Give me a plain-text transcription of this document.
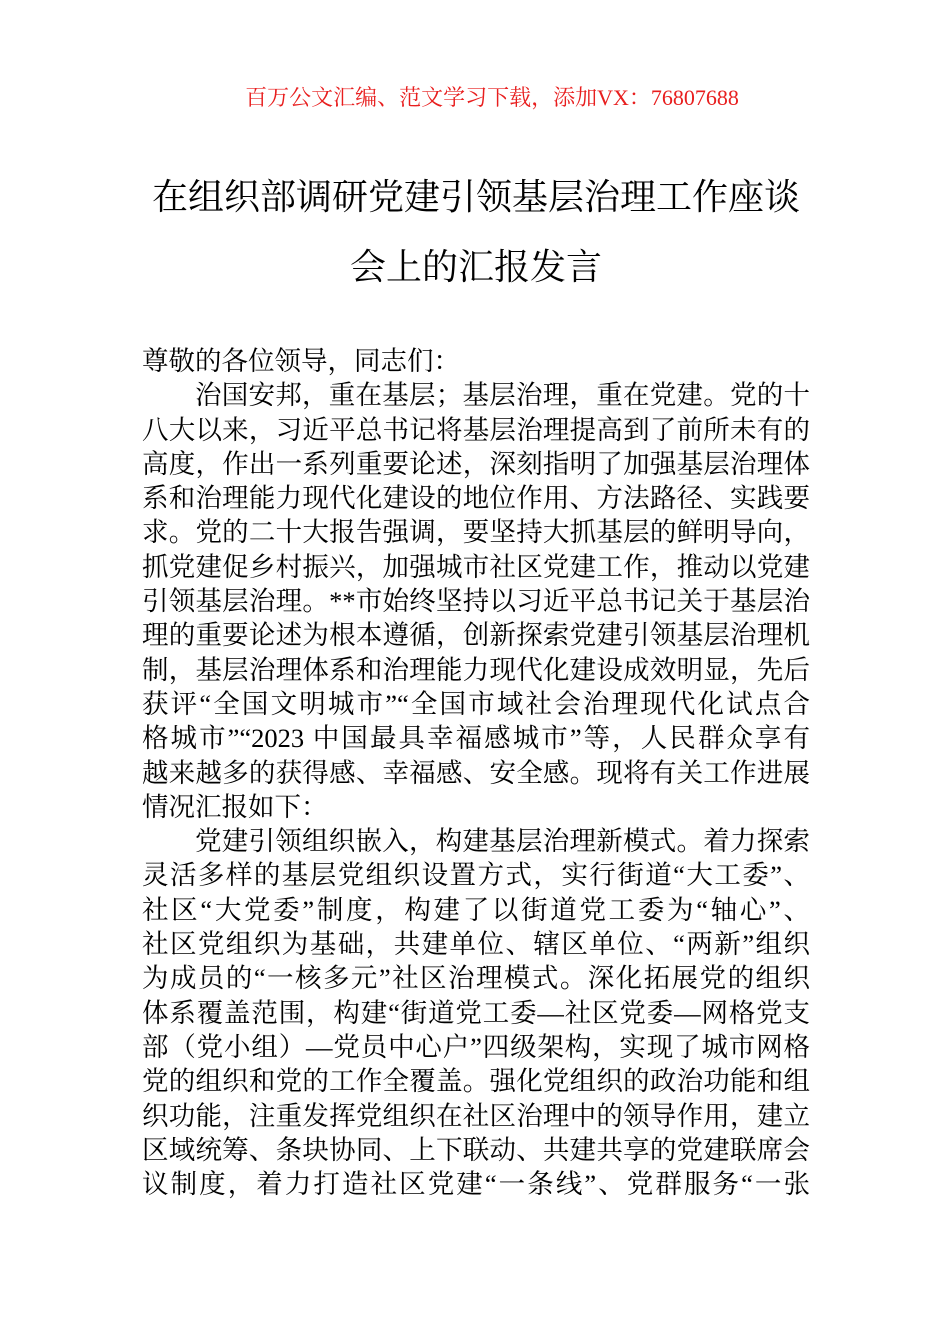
百万公文汇编、范文学习下载，添加VX：76807688
在组织部调研党建引领基层治理工作座谈
会上的汇报发言
尊敬的各位领导，同志们：
治国安邦，重在基层；基层治理，重在党建。党的十
八大以来，习近平总书记将基层治理提高到了前所未有的
高度，作出一系列重要论述，深刻指明了加强基层治理体
系和治理能力现代化建设的地位作用、方法路径、实践要
求。党的二十大报告强调，要坚持大抓基层的鲜明导向，
抓党建促乡村振兴，加强城市社区党建工作，推动以党建
引领基层治理。**市始终坚持以习近平总书记关于基层治
理的重要论述为根本遵循，创新探索党建引领基层治理机
制，基层治理体系和治理能力现代化建设成效明显，先后
获评“全国文明城市”“全国市域社会治理现代化试点合
格城市”“2023 中国最具幸福感城市”等，人民群众享有
越来越多的获得感、幸福感、安全感。现将有关工作进展
情况汇报如下：
党建引领组织嵌入，构建基层治理新模式。着力探索
灵活多样的基层党组织设置方式，实行街道“大工委”、
社区“大党委”制度，构建了以街道党工委为“轴心”、
社区党组织为基础，共建单位、辖区单位、“两新”组织
为成员的“一核多元”社区治理模式。深化拓展党的组织
体系覆盖范围，构建“街道党工委—社区党委—网格党支
部（党小组）—党员中心户”四级架构，实现了城市网格
党的组织和党的工作全覆盖。强化党组织的政治功能和组
织功能，注重发挥党组织在社区治理中的领导作用，建立
区域统筹、条块协同、上下联动、共建共享的党建联席会
议制度，着力打造社区党建“一条线”、党群服务“一张
